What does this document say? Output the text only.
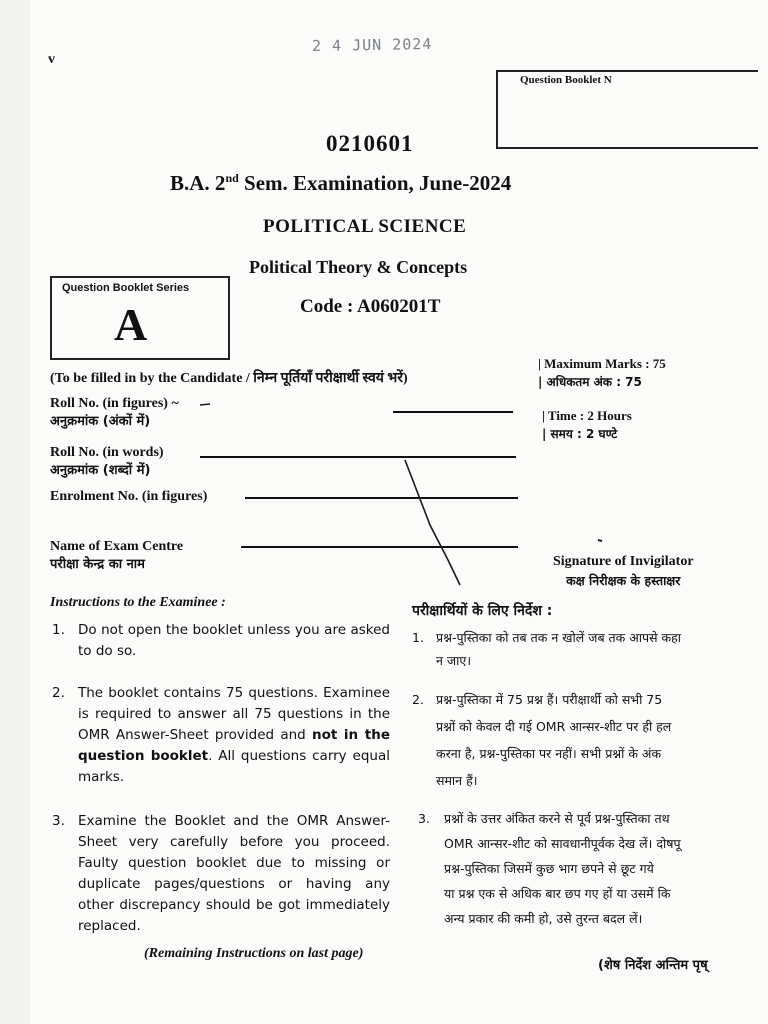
2 4 JUN 2024
v
Question Booklet N
0210601
B.A. 2nd Sem. Examination, June-2024
POLITICAL SCIENCE
Political Theory & Concepts
Code : A060201T
Question Booklet Series
A
(To be filled in by the Candidate / निम्न पूर्तियाँ परीक्षार्थी स्वयं भरें)
Roll No. (in figures) ~
अनुक्रमांक (अंकों में)
Roll No. (in words)
अनुक्रमांक (शब्दों में)
Enrolment No. (in figures)
Name of Exam Centre
परीक्षा केन्द्र का नाम
| Maximum Marks : 75
| अधिकतम अंक : 75
| Time : 2 Hours
| समय : 2 घण्टे
Signature of Invigilator
कक्ष निरीक्षक के हस्ताक्षर
Instructions to the Examinee :
परीक्षार्थियों के लिए निर्देश :
1. Do not open the booklet unless you are asked to do so.
2. The booklet contains 75 questions. Examinee is required to answer all 75 questions in the OMR Answer-Sheet provided and not in the question booklet. All questions carry equal marks.
3. Examine the Booklet and the OMR Answer-Sheet very carefully before you proceed. Faulty question booklet due to missing or duplicate pages/questions or having any other discrepancy should be got immediately replaced.
(Remaining Instructions on last page)
1. प्रश्न-पुस्तिका को तब तक न खोलें जब तक आपसे कहा
न जाए।
2. प्रश्न-पुस्तिका में 75 प्रश्न हैं। परीक्षार्थी को सभी 75
प्रश्नों को केवल दी गई OMR आन्सर-शीट पर ही हल
करना है, प्रश्न-पुस्तिका पर नहीं। सभी प्रश्नों के अंक
समान हैं।
3. प्रश्नों के उत्तर अंकित करने से पूर्व प्रश्न-पुस्तिका तथ
OMR आन्सर-शीट को सावधानीपूर्वक देख लें। दोषपू
प्रश्न-पुस्तिका जिसमें कुछ भाग छपने से छूट गये
या प्रश्न एक से अधिक बार छप गए हों या उसमें कि
अन्य प्रकार की कमी हो, उसे तुरन्त बदल लें।
(शेष निर्देश अन्तिम पृष्
